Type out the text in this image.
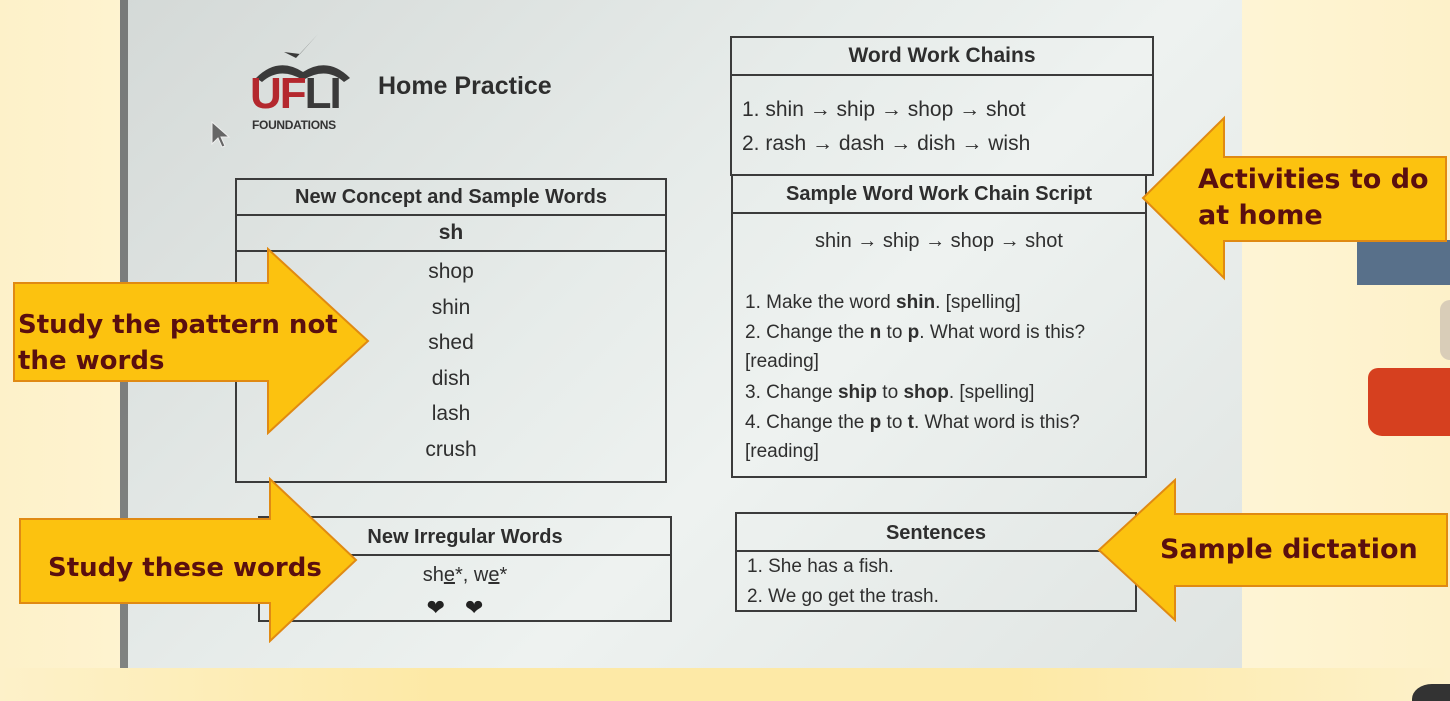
UFLI
FOUNDATIONS
Home Practice
Word Work Chains
1. shin → ship → shop → shot
2. rash → dash → dish → wish
Sample Word Work Chain Script
shin → ship → shop → shot
1. Make the word shin. [spelling]
2. Change the n to p. What word is this? [reading]
3. Change ship to shop. [spelling]
4. Change the p to t. What word is this? [reading]
New Concept and Sample Words
sh
shop
shin
shed
dish
lash
crush
New Irregular Words
she*, we*
❤❤
Sentences
1. She has a fish.
2. We go get the trash.
Activities to do
at home
Study the pattern not
the words
Study these words
Sample dictation
